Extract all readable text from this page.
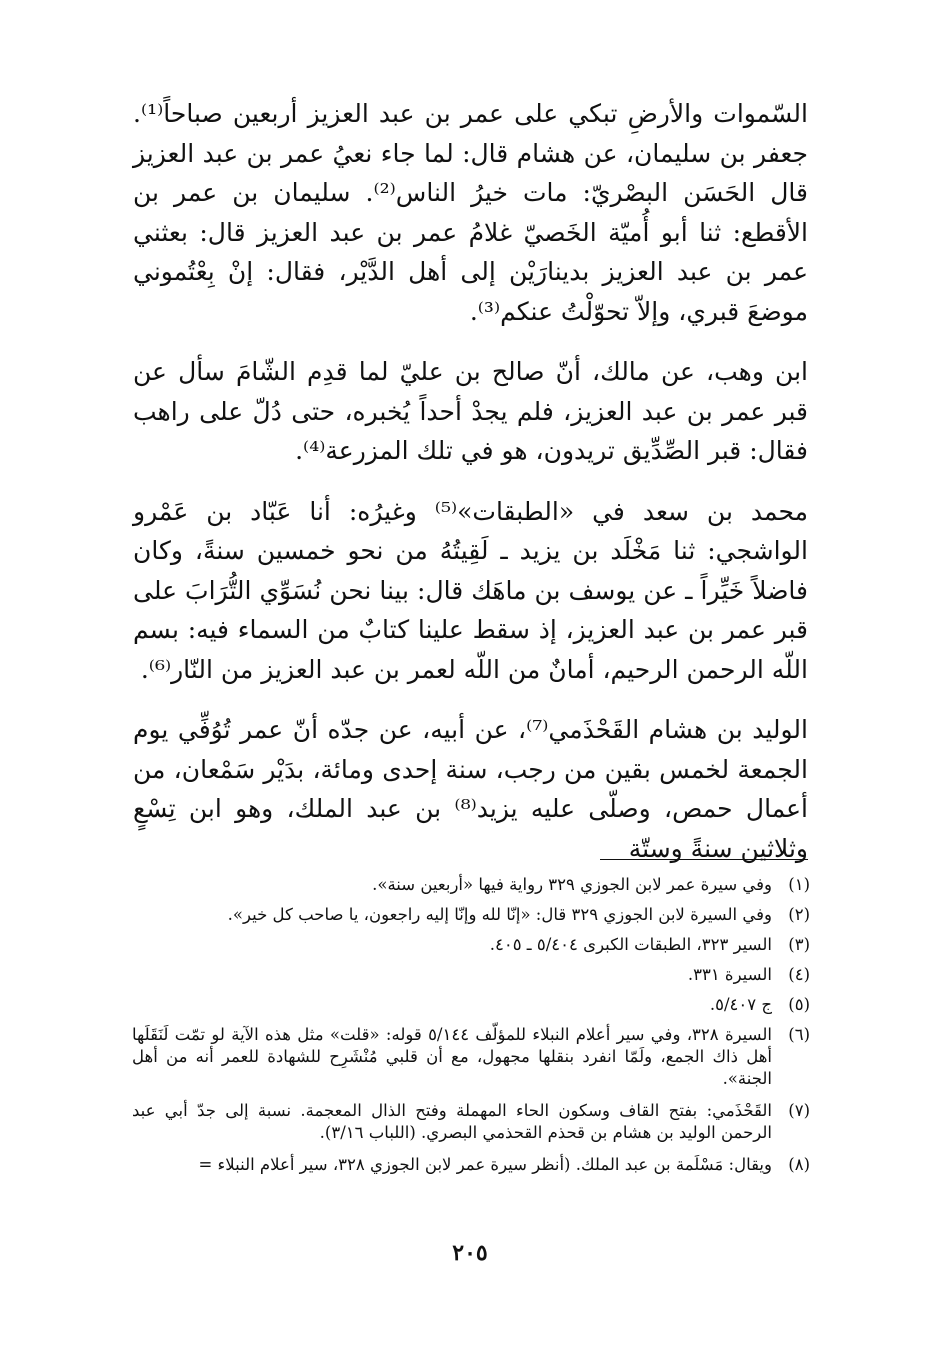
السّموات والأرضِ تبكي على عمر بن عبد العزيز أربعين صباحاً⁽¹⁾. جعفر بن سليمان، عن هشام قال: لما جاء نعيُ عمر بن عبد العزيز قال الحَسَن البصْريّ: مات خيرُ الناس⁽²⁾. سليمان بن عمر بن الأقطع: ثنا أبو أُميّة الخَصيّ غلامُ عمر بن عبد العزيز قال: بعثني عمر بن عبد العزيز بدينارَيْن إلى أهل الدَّيْر، فقال: إنْ بِعْتُموني موضعَ قبري، وإلاّ تحوّلْتُ عنكم⁽³⁾.

ابن وهب، عن مالك، أنّ صالح بن عليّ لما قدِم الشّامَ سأل عن قبر عمر بن عبد العزيز، فلم يجدْ أحداً يُخبره، حتى دُلّ على راهب فقال: قبر الصِّدِّيق تريدون، هو في تلك المزرعة⁽⁴⁾.

محمد بن سعد في «الطبقات»⁽⁵⁾ وغيرُه: أنا عَبّاد بن عَمْرو الواشجي: ثنا مَخْلَد بن يزيد ـ لَقِيتُهُ من نحو خمسين سنةً، وكان فاضلاً خَيِّراً ـ عن يوسف بن ماهَك قال: بينا نحن نُسَوِّي التُّرَابَ على قبر عمر بن عبد العزيز، إذ سقط علينا كتابٌ من السماء فيه: بسم اللّه الرحمن الرحيم، أمانٌ من اللّه لعمر بن عبد العزيز من النّار⁽⁶⁾.

الوليد بن هشام القَحْذَمي⁽⁷⁾، عن أبيه، عن جدّه أنّ عمر تُوُفِّي يوم الجمعة لخمس بقين من رجب، سنة إحدى ومائة، بدَيْر سَمْعان، من أعمال حمص، وصلّى عليه يزيد⁽⁸⁾ بن عبد الملك، وهو ابن تِسْعٍ وثلاثين سنةً وستّة

(١)
وفي سيرة عمر لابن الجوزي ٣٢٩ رواية فيها «أربعين سنة».
(٢)
وفي السيرة لابن الجوزي ٣٢٩ قال: «إنّا لله وإنّا إليه راجعون، يا صاحب كل خير».
(٣)
السير ٣٢٣، الطبقات الكبرى ٥/٤٠٤ ـ ٤٠٥.
(٤)
السيرة ٣٣١.
(٥)
ج ٥/٤٠٧.
(٦)
السيرة ٣٢٨، وفي سير أعلام النبلاء للمؤلّف ٥/١٤٤ قوله: «قلت» مثل هذه الآية لو تمّت لَنَقَلَها أهل ذاك الجمع، ولَمّا انفرد بنقلها مجهول، مع أن قلبي مُنْشَرِح للشهادة للعمر أنه من أهل الجنة».
(٧)
القَحْذَمي: بفتح القاف وسكون الحاء المهملة وفتح الذال المعجمة. نسبة إلى جدّ أبي عبد الرحمن الوليد بن هشام بن قحذم القحذمي البصري. (اللباب ٣/١٦).
(٨)
ويقال: مَسْلَمة بن عبد الملك. (أنظر سيرة عمر لابن الجوزي ٣٢٨، سير أعلام النبلاء =
٢٠٥
